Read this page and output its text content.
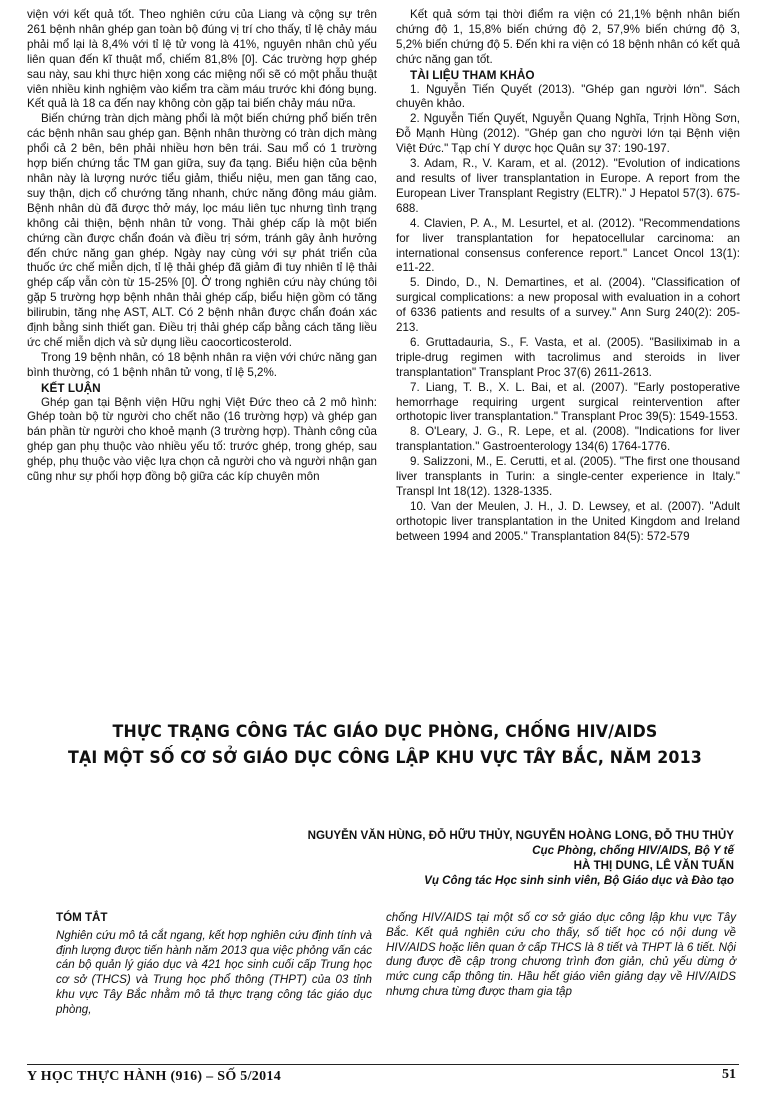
viện với kết quả tốt. Theo nghiên cứu của Liang và cộng sự trên 261 bệnh nhân ghép gan toàn bộ đúng vị trí cho thấy, tỉ lệ chảy máu phải mổ lại là 8,4% với tỉ lệ tử vong là 41%, nguyên nhân chủ yếu liên quan đến kĩ thuật mổ, chiếm 81,8% [0]. Các trường hợp ghép sau này, sau khi thực hiện xong các miệng nối sẽ có một phẫu thuật viên nhiều kinh nghiệm vào kiểm tra cầm máu trước khi đóng bụng. Kết quả là 18 ca đến nay không còn gặp tai biến chảy máu nữa.

Biến chứng tràn dịch màng phổi là một biến chứng phổ biến trên các bệnh nhân sau ghép gan. Bệnh nhân thường có tràn dịch màng phổi cả 2 bên, bên phải nhiều hơn bên trái. Sau mổ có 1 trường hợp biến chứng tắc TM gan giữa, suy đa tạng. Biểu hiện của bệnh nhân này là lượng nước tiểu giảm, thiểu niệu, men gan tăng cao, suy thận, dịch cổ chướng tăng nhanh, chức năng đông máu giảm. Bệnh nhân dù đã được thở máy, lọc máu liên tục nhưng tình trạng không cải thiện, bệnh nhân tử vong. Thải ghép cấp là một biến chứng cần được chẩn đoán và điều trị sớm, tránh gây ảnh hưởng đến chức năng gan ghép. Ngày nay cùng với sự phát triển của thuốc ức chế miễn dịch, tỉ lệ thải ghép đã giảm đi tuy nhiên tỉ lệ thải ghép cấp vẫn còn từ 15-25% [0]. Ở trong nghiên cứu này chúng tôi gặp 5 trường hợp bệnh nhân thải ghép cấp, biểu hiện gồm có tăng bilirubin, tăng nhẹ AST, ALT. Có 2 bệnh nhân được chẩn đoán xác định bằng sinh thiết gan. Điều trị thải ghép cấp bằng cách tăng liều ức chế miễn dịch và sử dụng liều caocorticosterold.

Trong 19 bệnh nhân, có 18 bệnh nhân ra viện với chức năng gan bình thường, có 1 bệnh nhân tử vong, tỉ lệ 5,2%.

KẾT LUẬN

Ghép gan tại Bệnh viện Hữu nghị Việt Đức theo cả 2 mô hình: Ghép toàn bộ từ người cho chết não (16 trường hợp) và ghép gan bán phần từ người cho khoẻ mạnh (3 trường hợp). Thành công của ghép gan phụ thuộc vào nhiều yếu tố: trước ghép, trong ghép, sau ghép, phụ thuộc vào việc lựa chọn cả người cho và người nhận gan cũng như sự phối hợp đồng bộ giữa các kíp chuyên môn

Kết quả sớm tại thời điểm ra viện có 21,1% bệnh nhân biến chứng độ 1, 15,8% biến chứng độ 2, 57,9% biến chứng độ 3, 5,2% biến chứng độ 5. Đến khi ra viện có 18 bệnh nhân có kết quả chức năng gan tốt.

TÀI LIỆU THAM KHẢO

1. Nguyễn Tiến Quyết (2013). "Ghép gan người lớn". Sách chuyên khảo.

2. Nguyễn Tiến Quyết, Nguyễn Quang Nghĩa, Trịnh Hồng Sơn, Đỗ Mạnh Hùng (2012). "Ghép gan cho người lớn tại Bệnh viện Việt Đức." Tạp chí Y dược học Quân sự 37: 190-197.

3. Adam, R., V. Karam, et al. (2012). "Evolution of indications and results of liver transplantation in Europe. A report from the European Liver Transplant Registry (ELTR)." J Hepatol 57(3). 675-688.

4. Clavien, P. A., M. Lesurtel, et al. (2012). "Recommendations for liver transplantation for hepatocellular carcinoma: an international consensus conference report." Lancet Oncol 13(1): e11-22.

5. Dindo, D., N. Demartines, et al. (2004). "Classification of surgical complications: a new proposal with evaluation in a cohort of 6336 patients and results of a survey." Ann Surg 240(2): 205-213.

6. Gruttadauria, S., F. Vasta, et al. (2005). "Basiliximab in a triple-drug regimen with tacrolimus and steroids in liver transplantation" Transplant Proc 37(6) 2611-2613.

7. Liang, T. B., X. L. Bai, et al. (2007). "Early postoperative hemorrhage requiring urgent surgical reintervention after orthotopic liver transplantation." Transplant Proc 39(5): 1549-1553.

8. O'Leary, J. G., R. Lepe, et al. (2008). "Indications for liver transplantation." Gastroenterology 134(6) 1764-1776.

9. Salizzoni, M., E. Cerutti, et al. (2005). "The first one thousand liver transplants in Turin: a single-center experience in Italy." Transpl Int 18(12). 1328-1335.

10. Van der Meulen, J. H., J. D. Lewsey, et al. (2007). "Adult orthotopic liver transplantation in the United Kingdom and Ireland between 1994 and 2005." Transplantation 84(5): 572-579

THỰC TRẠNG CÔNG TÁC GIÁO DỤC PHÒNG, CHỐNG HIV/AIDS
TẠI MỘT SỐ CƠ SỞ GIÁO DỤC CÔNG LẬP KHU VỰC TÂY BẮC, NĂM 2013
NGUYỄN VĂN HÙNG, ĐỖ HỮU THỦY, NGUYỄN HOÀNG LONG, ĐỖ THU THỦY
Cục Phòng, chống HIV/AIDS, Bộ Y tế
HÀ THỊ DUNG, LÊ VĂN TUẤN
Vụ Công tác Học sinh sinh viên, Bộ Giáo dục và Đào tạo
TÓM TẮT

Nghiên cứu mô tả cắt ngang, kết hợp nghiên cứu định tính và định lượng được tiến hành năm 2013 qua việc phỏng vấn các cán bộ quản lý giáo dục và 421 học sinh cuối cấp Trung học cơ sở (THCS) và Trung học phổ thông (THPT) của 03 tỉnh khu vực Tây Bắc nhằm mô tả thực trạng công tác giáo dục phòng,

chống HIV/AIDS tại một số cơ sở giáo dục công lập khu vực Tây Bắc. Kết quả nghiên cứu cho thấy, số tiết học có nội dung về HIV/AIDS hoặc liên quan ở cấp THCS là 8 tiết và THPT là 6 tiết. Nội dung được đề cập trong chương trình đơn giản, chủ yếu dừng ở mức cung cấp thông tin. Hầu hết giáo viên giảng dạy về HIV/AIDS nhưng chưa từng được tham gia tập

Y HỌC THỰC HÀNH (916) – SỐ 5/2014	51
